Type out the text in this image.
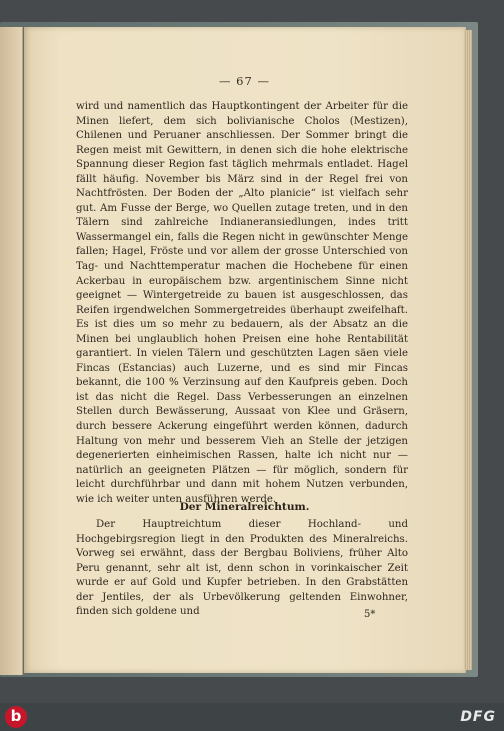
— 67 —
wird und namentlich das Hauptkontingent der Arbeiter für die Minen liefert, dem sich bolivianische Cholos (Mestizen), Chilenen und Peruaner anschliessen. Der Sommer bringt die Regen meist mit Gewittern, in denen sich die hohe elektrische Spannung dieser Region fast täglich mehrmals entladet. Hagel fällt häufig. November bis März sind in der Regel frei von Nachtfrösten. Der Boden der „Alto planicie“ ist vielfach sehr gut. Am Fusse der Berge, wo Quellen zutage treten, und in den Tälern sind zahlreiche Indianeransiedlungen, indes tritt Wassermangel ein, falls die Regen nicht in gewünschter Menge fallen; Hagel, Fröste und vor allem der grosse Unterschied von Tag- und Nachttemperatur machen die Hochebene für einen Ackerbau in europäischem bzw. argentinischem Sinne nicht geeignet — Wintergetreide zu bauen ist ausgeschlossen, das Reifen irgendwelchen Sommergetreides überhaupt zweifelhaft. Es ist dies um so mehr zu bedauern, als der Absatz an die Minen bei unglaublich hohen Preisen eine hohe Rentabilität garantiert. In vielen Tälern und geschützten Lagen säen viele Fincas (Estancias) auch Luzerne, und es sind mir Fincas bekannt, die 100 % Verzinsung auf den Kaufpreis geben. Doch ist das nicht die Regel. Dass Verbesserungen an einzelnen Stellen durch Bewässerung, Aussaat von Klee und Gräsern, durch bessere Ackerung eingeführt werden können, dadurch Haltung von mehr und besserem Vieh an Stelle der jetzigen degenerierten einheimischen Rassen, halte ich nicht nur — natürlich an geeigneten Plätzen — für möglich, sondern für leicht durchführbar und dann mit hohem Nutzen verbunden, wie ich weiter unten ausführen werde.
Der Mineralreichtum.
Der Hauptreichtum dieser Hochland- und Hochgebirgsregion liegt in den Produkten des Mineralreichs. Vorweg sei erwähnt, dass der Bergbau Boliviens, früher Alto Peru genannt, sehr alt ist, denn schon in vorinkaischer Zeit wurde er auf Gold und Kupfer betrieben. In den Grabstätten der Jentiles, der als Urbevölkerung geltenden Einwohner, finden sich goldene und	5*
b	DFG
